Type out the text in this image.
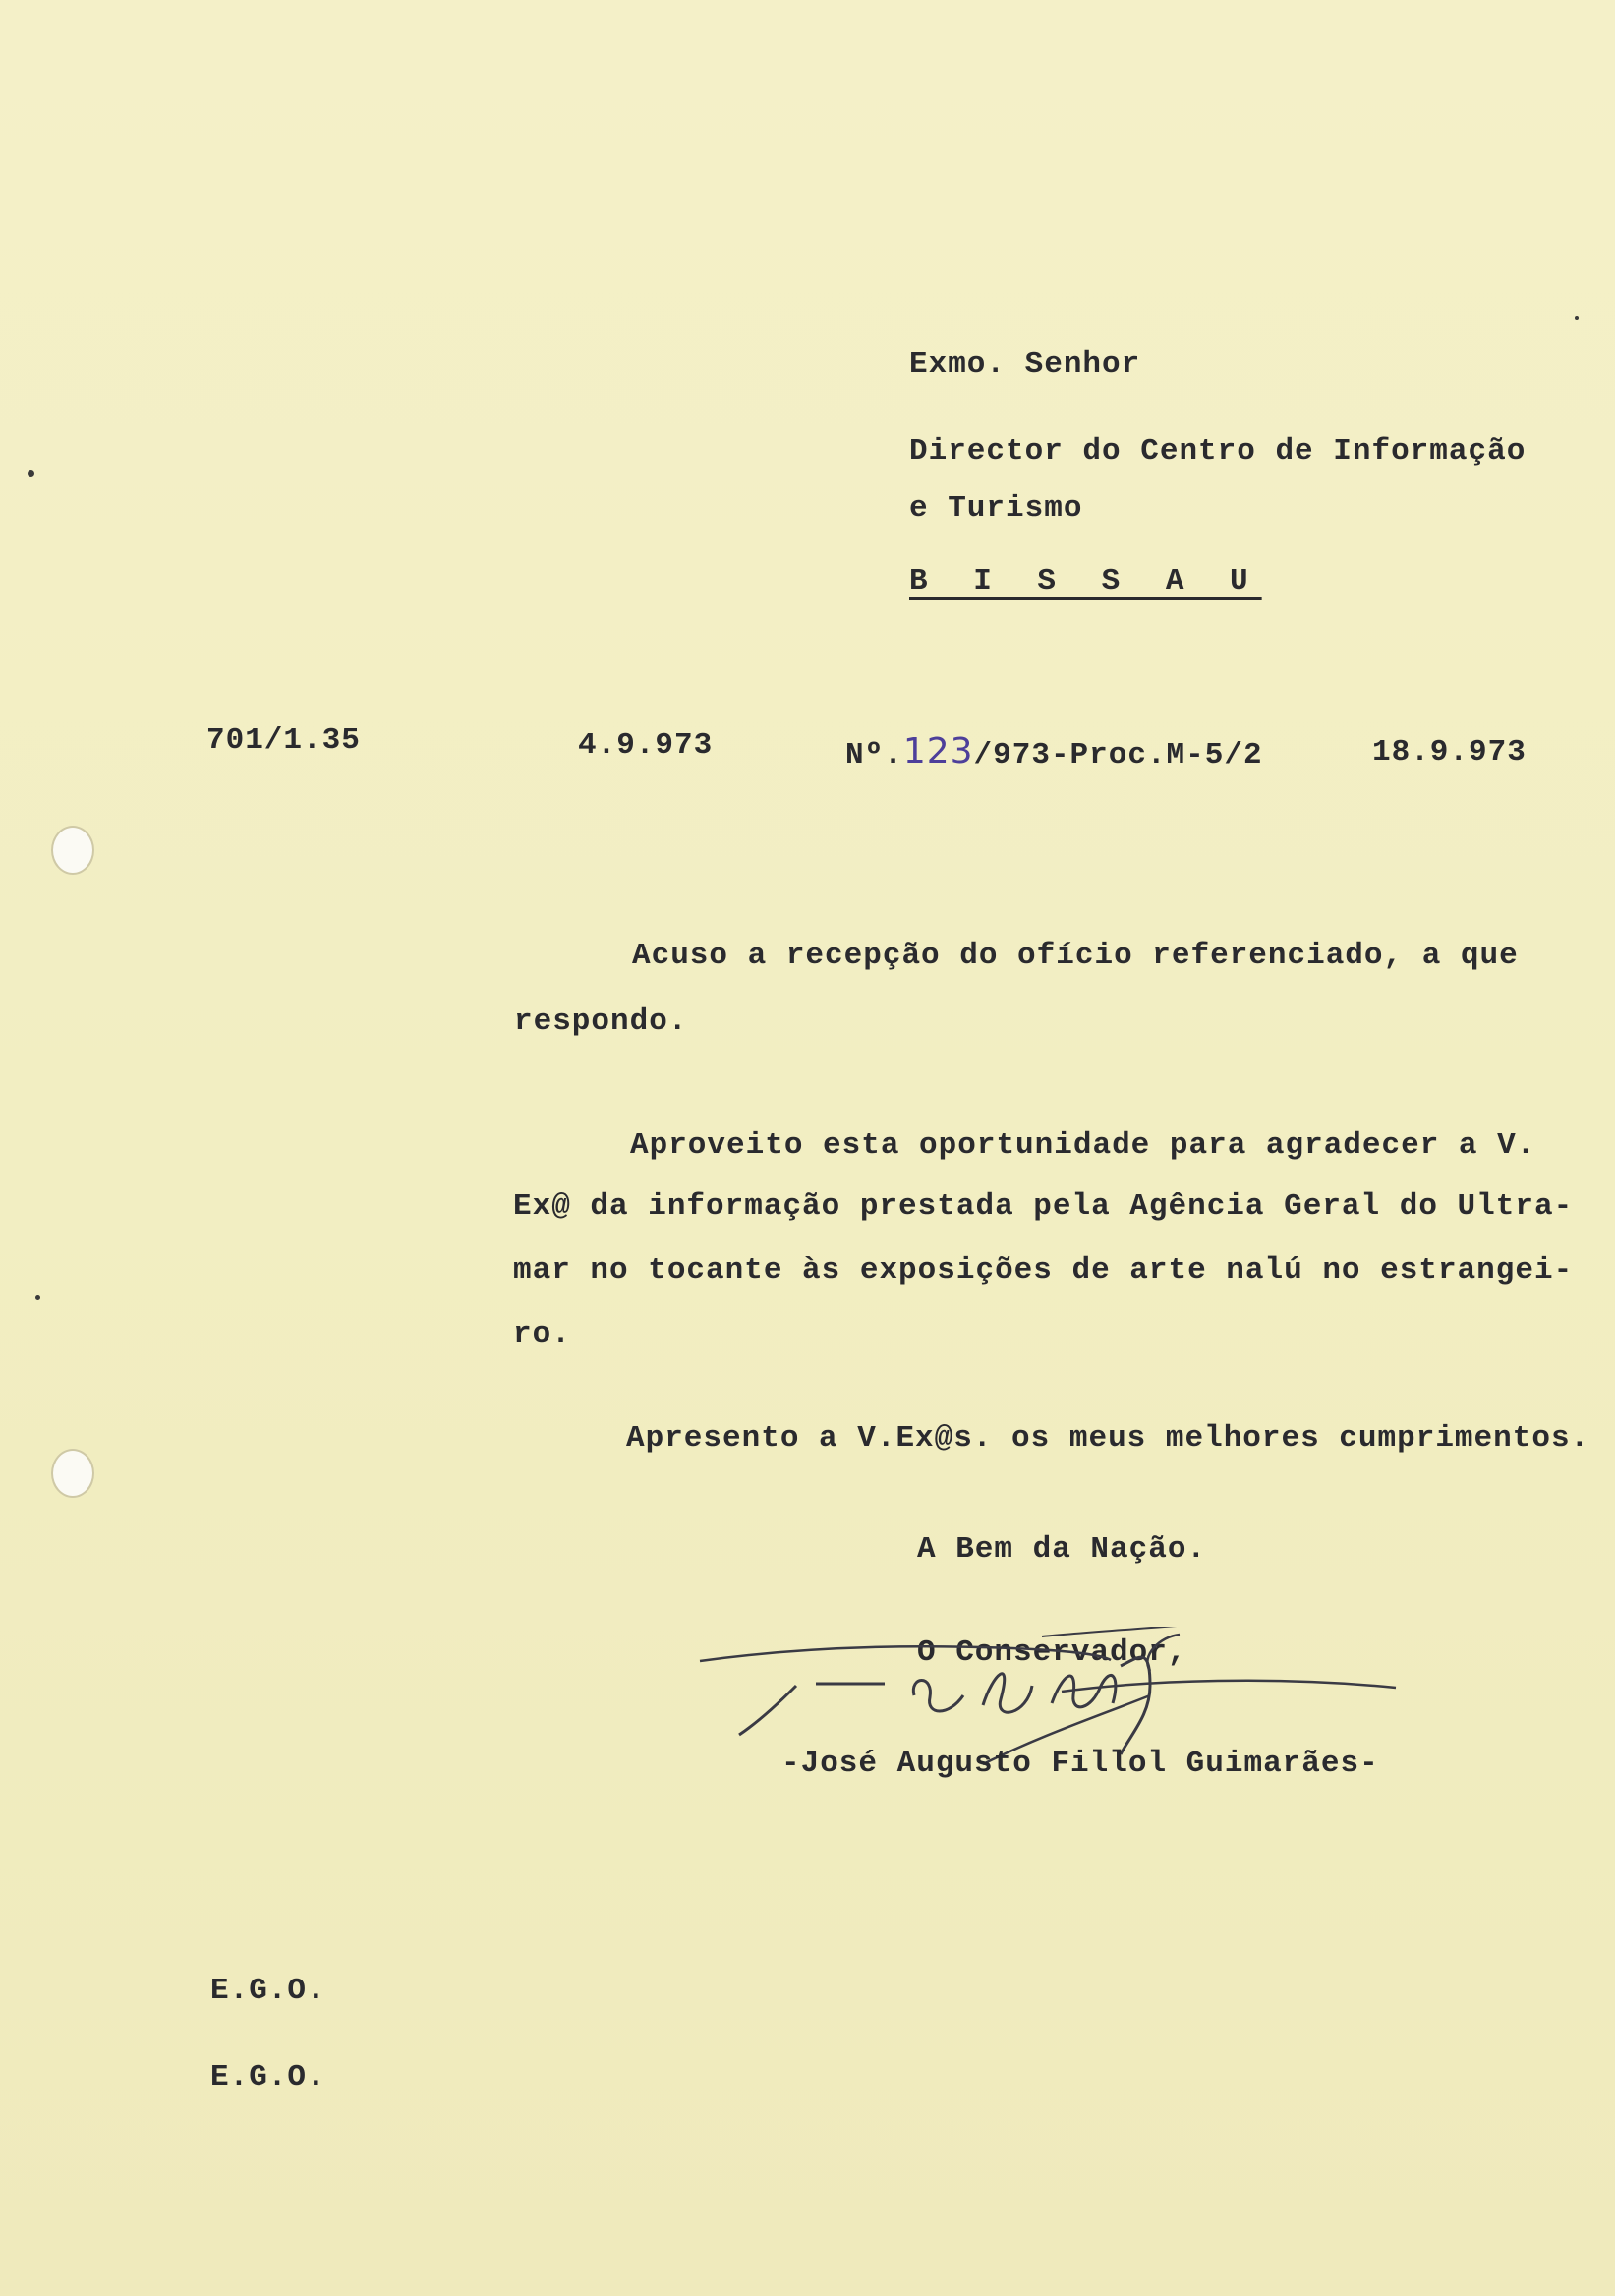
Exmo. Senhor
Director do Centro de Informação
e Turismo
B I S S A U
701/1.35	4.9.973	Nº.123/973-Proc.M-5/2	18.9.973
Acuso a recepção do ofício referenciado, a que
respondo.
Aproveito esta oportunidade para agradecer a V.
Ex@ da informação prestada pela Agência Geral do Ultra-
mar no tocante às exposições de arte nalú no estrangei-
ro.
Apresento a V.Ex@s. os meus melhores cumprimentos.
A Bem da Nação.
O Conservador,
-José Augusto Fillol Guimarães-
E.G.O.
E.G.O.
